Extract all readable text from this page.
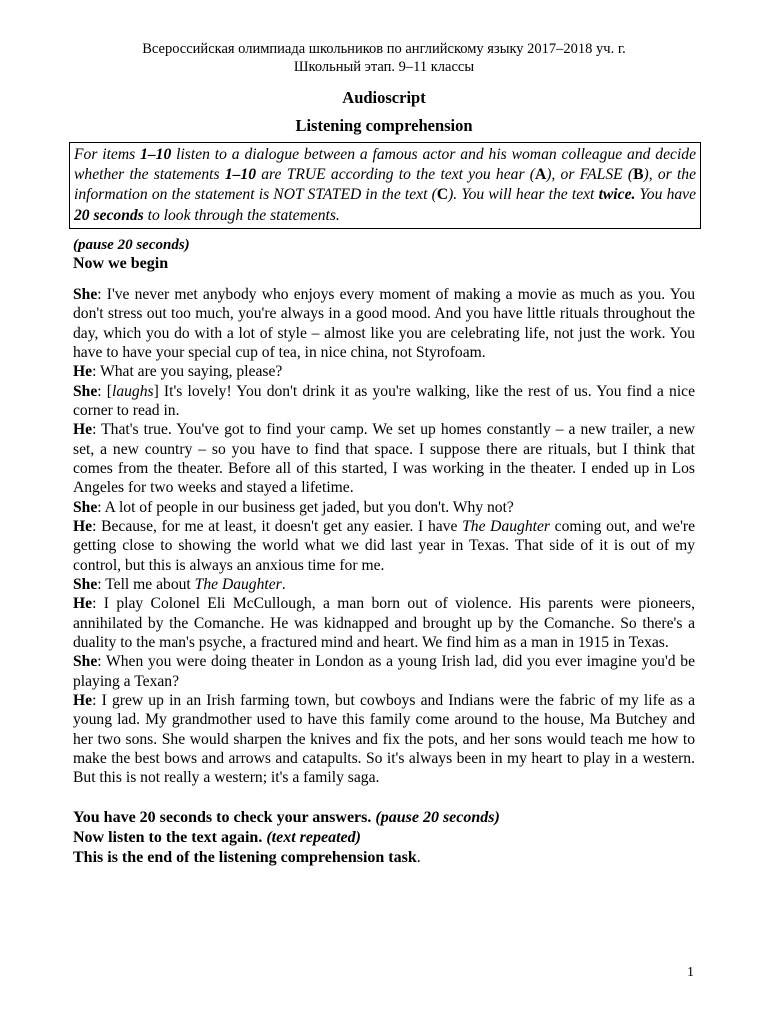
Всероссийская олимпиада школьников по английскому языку 2017–2018 уч. г.
Школьный этап. 9–11 классы
Audioscript
Listening comprehension
For items 1–10 listen to a dialogue between a famous actor and his woman colleague and decide whether the statements 1–10 are TRUE according to the text you hear (A), or FALSE (B), or the information on the statement is NOT STATED in the text (C). You will hear the text twice. You have 20 seconds to look through the statements.
(pause 20 seconds)
Now we begin

She: I've never met anybody who enjoys every moment of making a movie as much as you. You don't stress out too much, you're always in a good mood. And you have little rituals throughout the day, which you do with a lot of style – almost like you are celebrating life, not just the work. You have to have your special cup of tea, in nice china, not Styrofoam.

He: What are you saying, please?

She: [laughs] It's lovely! You don't drink it as you're walking, like the rest of us. You find a nice corner to read in.

He: That's true. You've got to find your camp. We set up homes constantly – a new trailer, a new set, a new country – so you have to find that space. I suppose there are rituals, but I think that comes from the theater. Before all of this started, I was working in the theater. I ended up in Los Angeles for two weeks and stayed a lifetime.

She: A lot of people in our business get jaded, but you don't. Why not?

He: Because, for me at least, it doesn't get any easier. I have The Daughter coming out, and we're getting close to showing the world what we did last year in Texas. That side of it is out of my control, but this is always an anxious time for me.

She: Tell me about The Daughter.

He: I play Colonel Eli McCullough, a man born out of violence. His parents were pioneers, annihilated by the Comanche. He was kidnapped and brought up by the Comanche. So there's a duality to the man's psyche, a fractured mind and heart. We find him as a man in 1915 in Texas.

She: When you were doing theater in London as a young Irish lad, did you ever imagine you'd be playing a Texan?

He: I grew up in an Irish farming town, but cowboys and Indians were the fabric of my life as a young lad. My grandmother used to have this family come around to the house, Ma Butchey and her two sons. She would sharpen the knives and fix the pots, and her sons would teach me how to make the best bows and arrows and catapults. So it's always been in my heart to play in a western. But this is not really a western; it's a family saga.

You have 20 seconds to check your answers. (pause 20 seconds)

Now listen to the text again. (text repeated)

This is the end of the listening comprehension task.

1
